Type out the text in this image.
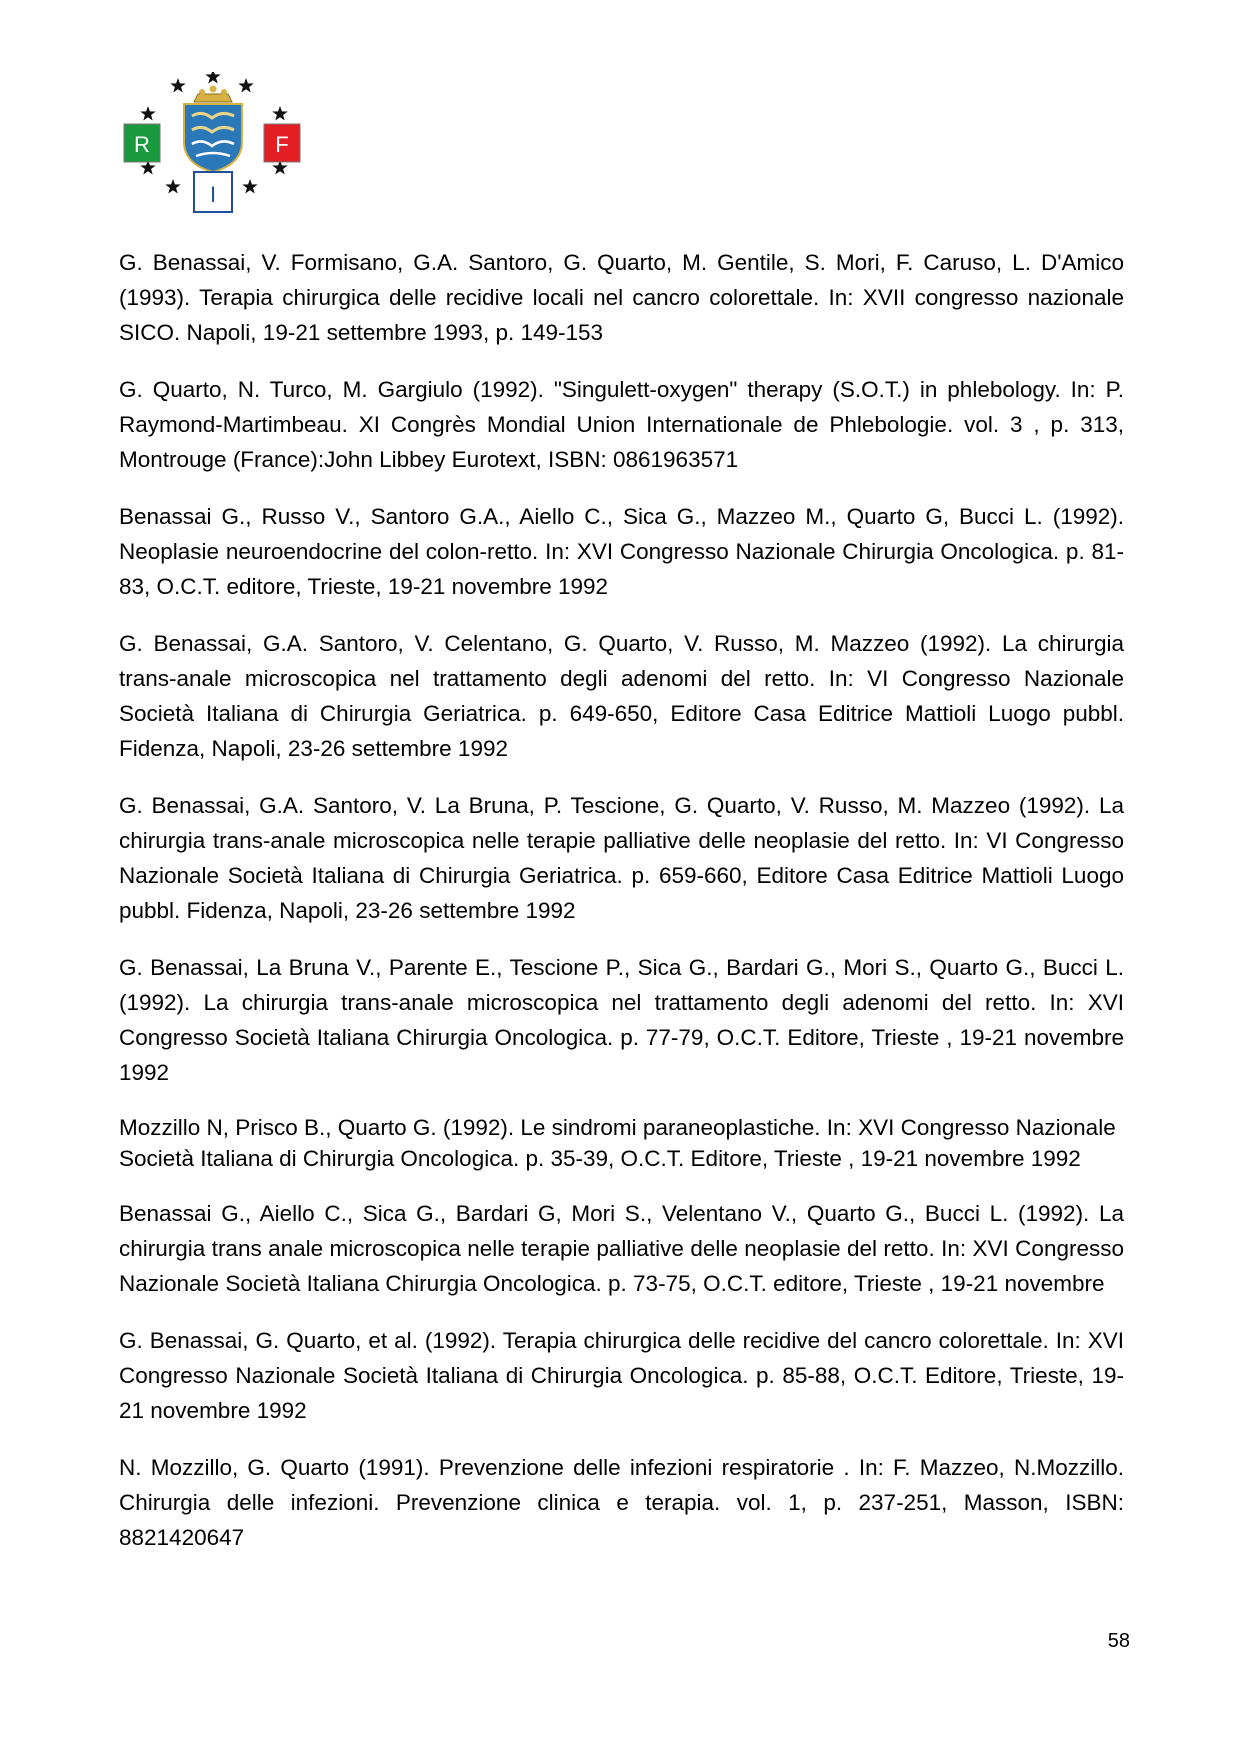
R	F
I

G. Benassai, V. Formisano, G.A. Santoro, G. Quarto, M. Gentile, S. Mori, F. Caruso, L. D'Amico (1993). Terapia chirurgica delle recidive locali nel cancro colorettale. In: XVII congresso nazionale SICO. Napoli, 19-21 settembre 1993, p. 149-153

G. Quarto, N. Turco, M. Gargiulo (1992). "Singulett-oxygen" therapy (S.O.T.) in phlebology. In: P. Raymond-Martimbeau. XI Congrès Mondial Union Internationale de Phlebologie. vol. 3 , p. 313, Montrouge (France):John Libbey Eurotext, ISBN: 0861963571

Benassai G., Russo V., Santoro G.A., Aiello C., Sica G., Mazzeo M., Quarto G, Bucci L. (1992). Neoplasie neuroendocrine del colon-retto. In: XVI Congresso Nazionale Chirurgia Oncologica. p. 81-83, O.C.T. editore, Trieste, 19-21 novembre 1992

G. Benassai, G.A. Santoro, V. Celentano, G. Quarto, V. Russo, M. Mazzeo (1992). La chirurgia trans-anale microscopica nel trattamento degli adenomi del retto. In: VI Congresso Nazionale Società Italiana di Chirurgia Geriatrica. p. 649-650, Editore Casa Editrice Mattioli Luogo pubbl. Fidenza, Napoli, 23-26 settembre 1992

G. Benassai, G.A. Santoro, V. La Bruna, P. Tescione, G. Quarto, V. Russo, M. Mazzeo (1992). La chirurgia trans-anale microscopica nelle terapie palliative delle neoplasie del retto. In: VI Congresso Nazionale Società Italiana di Chirurgia Geriatrica. p. 659-660, Editore Casa Editrice Mattioli Luogo pubbl. Fidenza, Napoli, 23-26 settembre 1992

G. Benassai, La Bruna V., Parente E., Tescione P., Sica G., Bardari G., Mori S., Quarto G., Bucci L. (1992). La chirurgia trans-anale microscopica nel trattamento degli adenomi del retto. In: XVI Congresso Società Italiana Chirurgia Oncologica. p. 77-79, O.C.T. Editore, Trieste , 19-21 novembre 1992

Mozzillo N, Prisco B., Quarto G. (1992). Le sindromi paraneoplastiche. In: XVI Congresso Nazionale Società Italiana di Chirurgia Oncologica. p. 35-39, O.C.T. Editore, Trieste , 19-21 novembre 1992

Benassai G., Aiello C., Sica G., Bardari G, Mori S., Velentano V., Quarto G., Bucci L. (1992). La chirurgia trans anale microscopica nelle terapie palliative delle neoplasie del retto. In: XVI Congresso Nazionale Società Italiana Chirurgia Oncologica. p. 73-75, O.C.T. editore, Trieste , 19-21 novembre

G. Benassai, G. Quarto, et al. (1992). Terapia chirurgica delle recidive del cancro colorettale. In: XVI Congresso Nazionale Società Italiana di Chirurgia Oncologica. p. 85-88, O.C.T. Editore, Trieste, 19-21 novembre 1992

N. Mozzillo, G. Quarto (1991). Prevenzione delle infezioni respiratorie . In: F. Mazzeo, N.Mozzillo. Chirurgia delle infezioni. Prevenzione clinica e terapia. vol. 1, p. 237-251, Masson, ISBN: 8821420647

58
